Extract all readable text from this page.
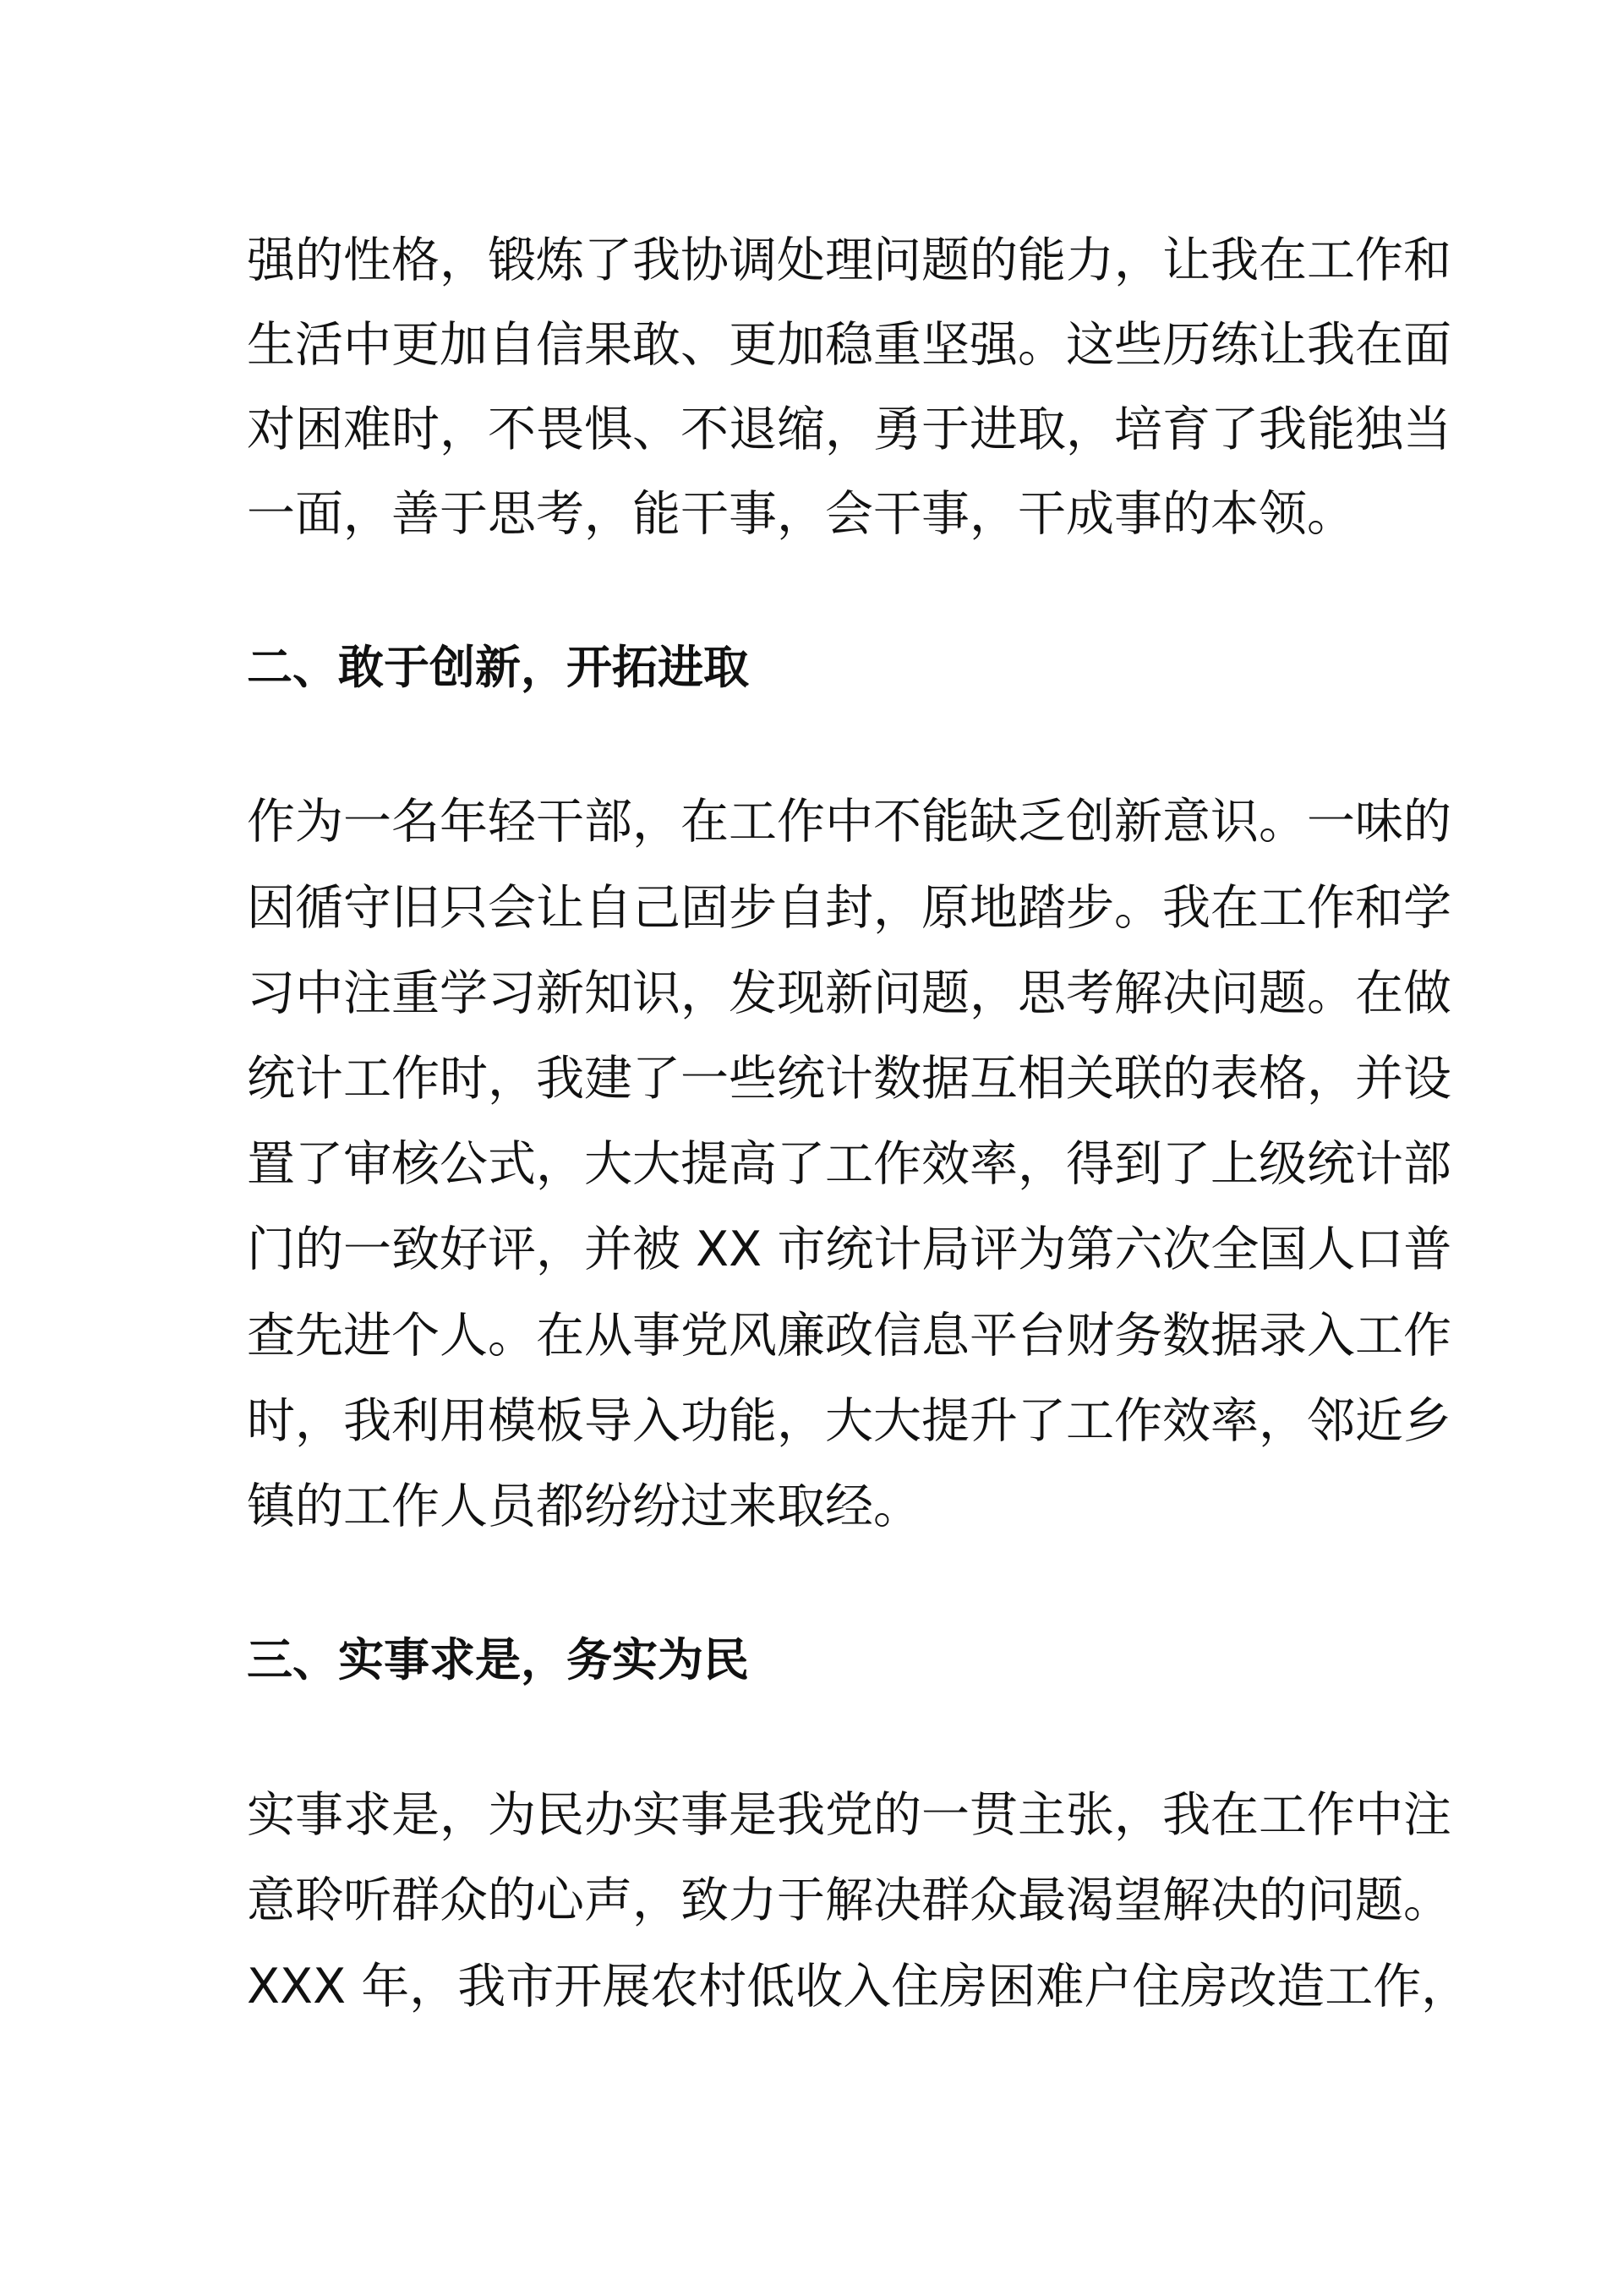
强的性格，锻炼了我协调处理问题的能力，让我在工作和
生活中更加自信果敢、更加稳重坚强。这些历练让我在面
对困难时，不畏惧、不退缩，勇于进取，培育了我能独当
一面，善于思考，能干事，会干事，干成事的本领。
二、敢于创新，开拓进取
作为一名年轻干部，在工作中不能缺乏创新意识。一味的
因循守旧只会让自己固步自封，原地踏步。我在工作和学
习中注重学习新知识，发现新问题，思考解决问题。在做
统计工作时，我建了一些统计数据互相关联的表格，并设
置了审核公式，大大提高了工作效率，得到了上级统计部
门的一致好评，并被 XX 市统计局评为第六次全国人口普
查先进个人。在从事党风廉政信息平台财务数据录入工作
时，我利用模板导入功能，大大提升了工作效率，邻近乡
镇的工作人员都纷纷过来取经。
三、实事求是，务实为民
实事求是，为民办实事是我党的一贯主张，我在工作中注
意聆听群众的心声，致力于解决群众最渴望解决的问题。
XXX 年，我市开展农村低收入住房困难户住房改造工作，
